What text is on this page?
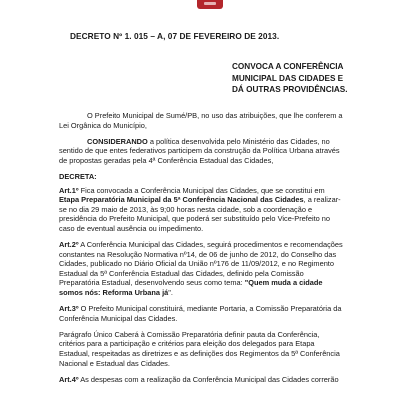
DECRETO Nº 1. 015 – A, 07 DE FEVEREIRO DE 2013.
CONVOCA A CONFERÊNCIA
MUNICIPAL DAS CIDADES E
DÁ OUTRAS PROVIDÊNCIAS.

O Prefeito Municipal de Sumé/PB, no uso das atribuições, que lhe conferem a
Lei Orgânica do Município,

CONSIDERANDO a política desenvolvida pelo Ministério das Cidades, no
sentido de que entes federativos participem da construção da Política Urbana através
de propostas geradas pela 4ª Conferência Estadual das Cidades,

DECRETA:

Art.1º Fica convocada a Conferência Municipal das Cidades, que se constitui em
Etapa Preparatória Municipal da 5ª Conferência Nacional das Cidades, a realizar-
se no dia 29 maio de 2013, às 9;00 horas nesta cidade, sob a coordenação e
presidência do Prefeito Municipal, que poderá ser substituído pelo Vice-Prefeito no
caso de eventual ausência ou impedimento.

Art.2º A Conferência Municipal das Cidades, seguirá procedimentos e recomendações
constantes na Resolução Normativa nº14, de 06 de junho de 2012, do Conselho das
Cidades, publicado no Diário Oficial da União nº176 de 11/09/2012, e no Regimento
Estadual da 5ª Conferência Estadual das Cidades, definido pela Comissão
Preparatória Estadual, desenvolvendo seus como tema: "Quem muda a cidade
somos nós: Reforma Urbana já".

Art.3º O Prefeito Municipal constituirá, mediante Portaria, a Comissão Preparatória da
Conferência Municipal das Cidades.

Parágrafo Único Caberá à Comissão Preparatória definir pauta da Conferência,
critérios para a participação e critérios para eleição dos delegados para Etapa
Estadual, respeitadas as diretrizes e as definições dos Regimentos da 5ª Conferência
Nacional e Estadual das Cidades.

Art.4º As despesas com a realização da Conferência Municipal das Cidades correrão
